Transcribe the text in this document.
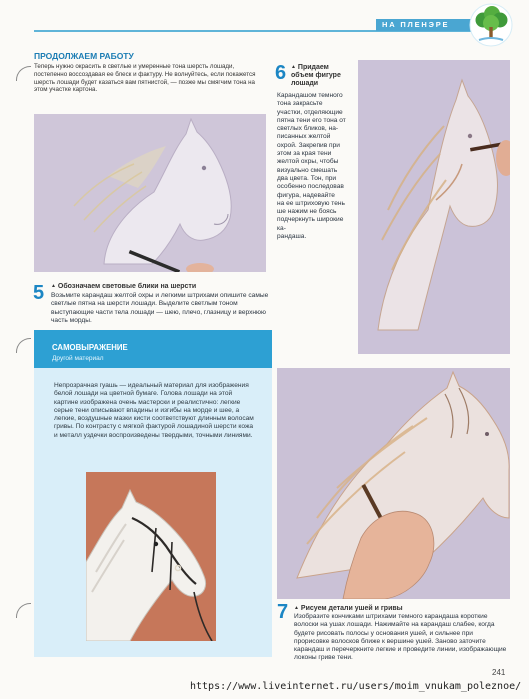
НА ПЛЕНЭРЕ
ПРОДОЛЖАЕМ РАБОТУ
Теперь нужно окрасить в светлые и умеренные тона шерсть лошади, постепенно воссоздавая ее блеск и фактуру. Не волнуйтесь, если покажется шерсть лошади будет казаться вам пятнистой, — позже мы смягчим тона на этом участке картона.
5 ▲ Обозначаем световые блики на шерсти
Возьмите карандаш желтой охры и легкими штрихами опишите самые светлые пятна на шерсти лошади. Выделите светлым тоном выступающие части тела лошади — шею, плечо, глазницу и верхнюю часть морды.
6 ▲ Придаем
объем фигуре
лошади
Карандашом темного
тона закрасьте
участки, отделяющие
пятна тени его тона от
светлых бликов, на-
писанных желтой
охрой. Закрепив при
этом за края тени
желтой охры, чтобы
визуально смешать
два цвета. Тон, при
особенно последовав
фигура, надевайте
на ее штриховую тень
ше нажим не боясь
подчеркнуть широкие ка-
рандаша.
САМОВЫРАЖЕНИЕ
Другой материал
Непрозрачная гуашь — идеальный материал для изображения белой лошади на цветной бумаге. Голова лошади на этой картине изображена очень мастерски и реалистично: легкие серые тени описывают впадины и изгибы на морде и шее, а легкие, воздушные мазки кисти соответствуют длинным волосам гривы. По контрасту с мягкой фактурой лошадиной шерсти кожа и металл уздечки воспроизведены твердыми, точными линиями.
7 ▲ Рисуем детали ушей и гривы
Изобразите кончиками штрихами темного карандаша короткие волоски на ушах лошади. Нажимайте на карандаш слабее, когда будете рисовать полосы у основания ушей, и сильнее при прорисовке волосков ближе к вершине ушей. Заново заточите карандаш и перечеркните легкие и проведите линии, изображающие локоны гриве тени.
241
https://www.liveinternet.ru/users/moim_vnukam_poleznoe/
